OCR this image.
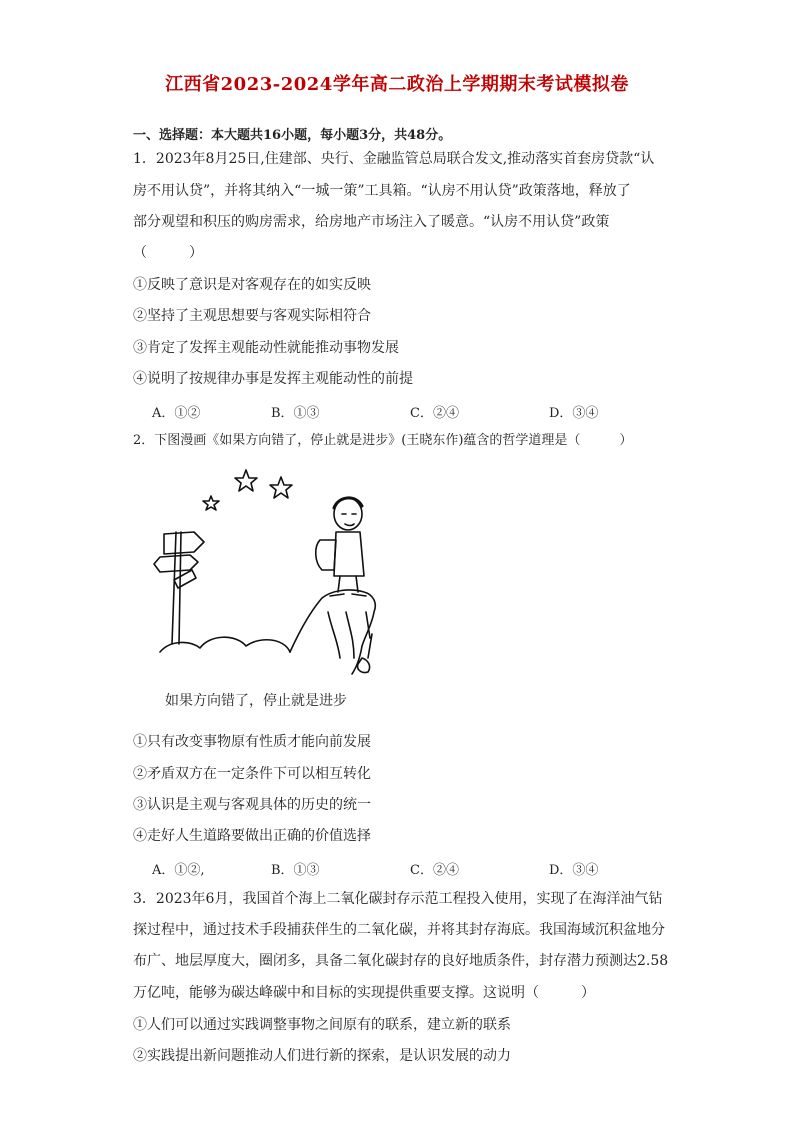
江西省2023-2024学年高二政治上学期期末考试模拟卷
一、选择题：本大题共16小题，每小题3分，共48分。
1．2023年8月25日,住建部、央行、金融监管总局联合发文,推动落实首套房贷款“认
房不用认贷”，并将其纳入“一城一策”工具箱。“认房不用认贷”政策落地，释放了
部分观望和积压的购房需求，给房地产市场注入了暖意。“认房不用认贷”政策
（　　　）
①反映了意识是对客观存在的如实反映
②坚持了主观思想要与客观实际相符合
③肯定了发挥主观能动性就能推动事物发展
④说明了按规律办事是发挥主观能动性的前提
A．①②	B．①③	C．②④	D．③④
2．下图漫画《如果方向错了，停止就是进步》(王晓东作)蕴含的哲学道理是（　　　）
如果方向错了，停止就是进步
①只有改变事物原有性质才能向前发展
②矛盾双方在一定条件下可以相互转化
③认识是主观与客观具体的历史的统一
④走好人生道路要做出正确的价值选择
A．①②,	B．①③	C．②④	D．③④
3．2023年6月，我国首个海上二氧化碳封存示范工程投入使用，实现了在海洋油气钻
探过程中，通过技术手段捕获伴生的二氧化碳，并将其封存海底。我国海域沉积盆地分
布广、地层厚度大，圈闭多，具备二氧化碳封存的良好地质条件，封存潜力预测达2.58
万亿吨，能够为碳达峰碳中和目标的实现提供重要支撑。这说明（　　　）
①人们可以通过实践调整事物之间原有的联系，建立新的联系
②实践提出新问题推动人们进行新的探索，是认识发展的动力
